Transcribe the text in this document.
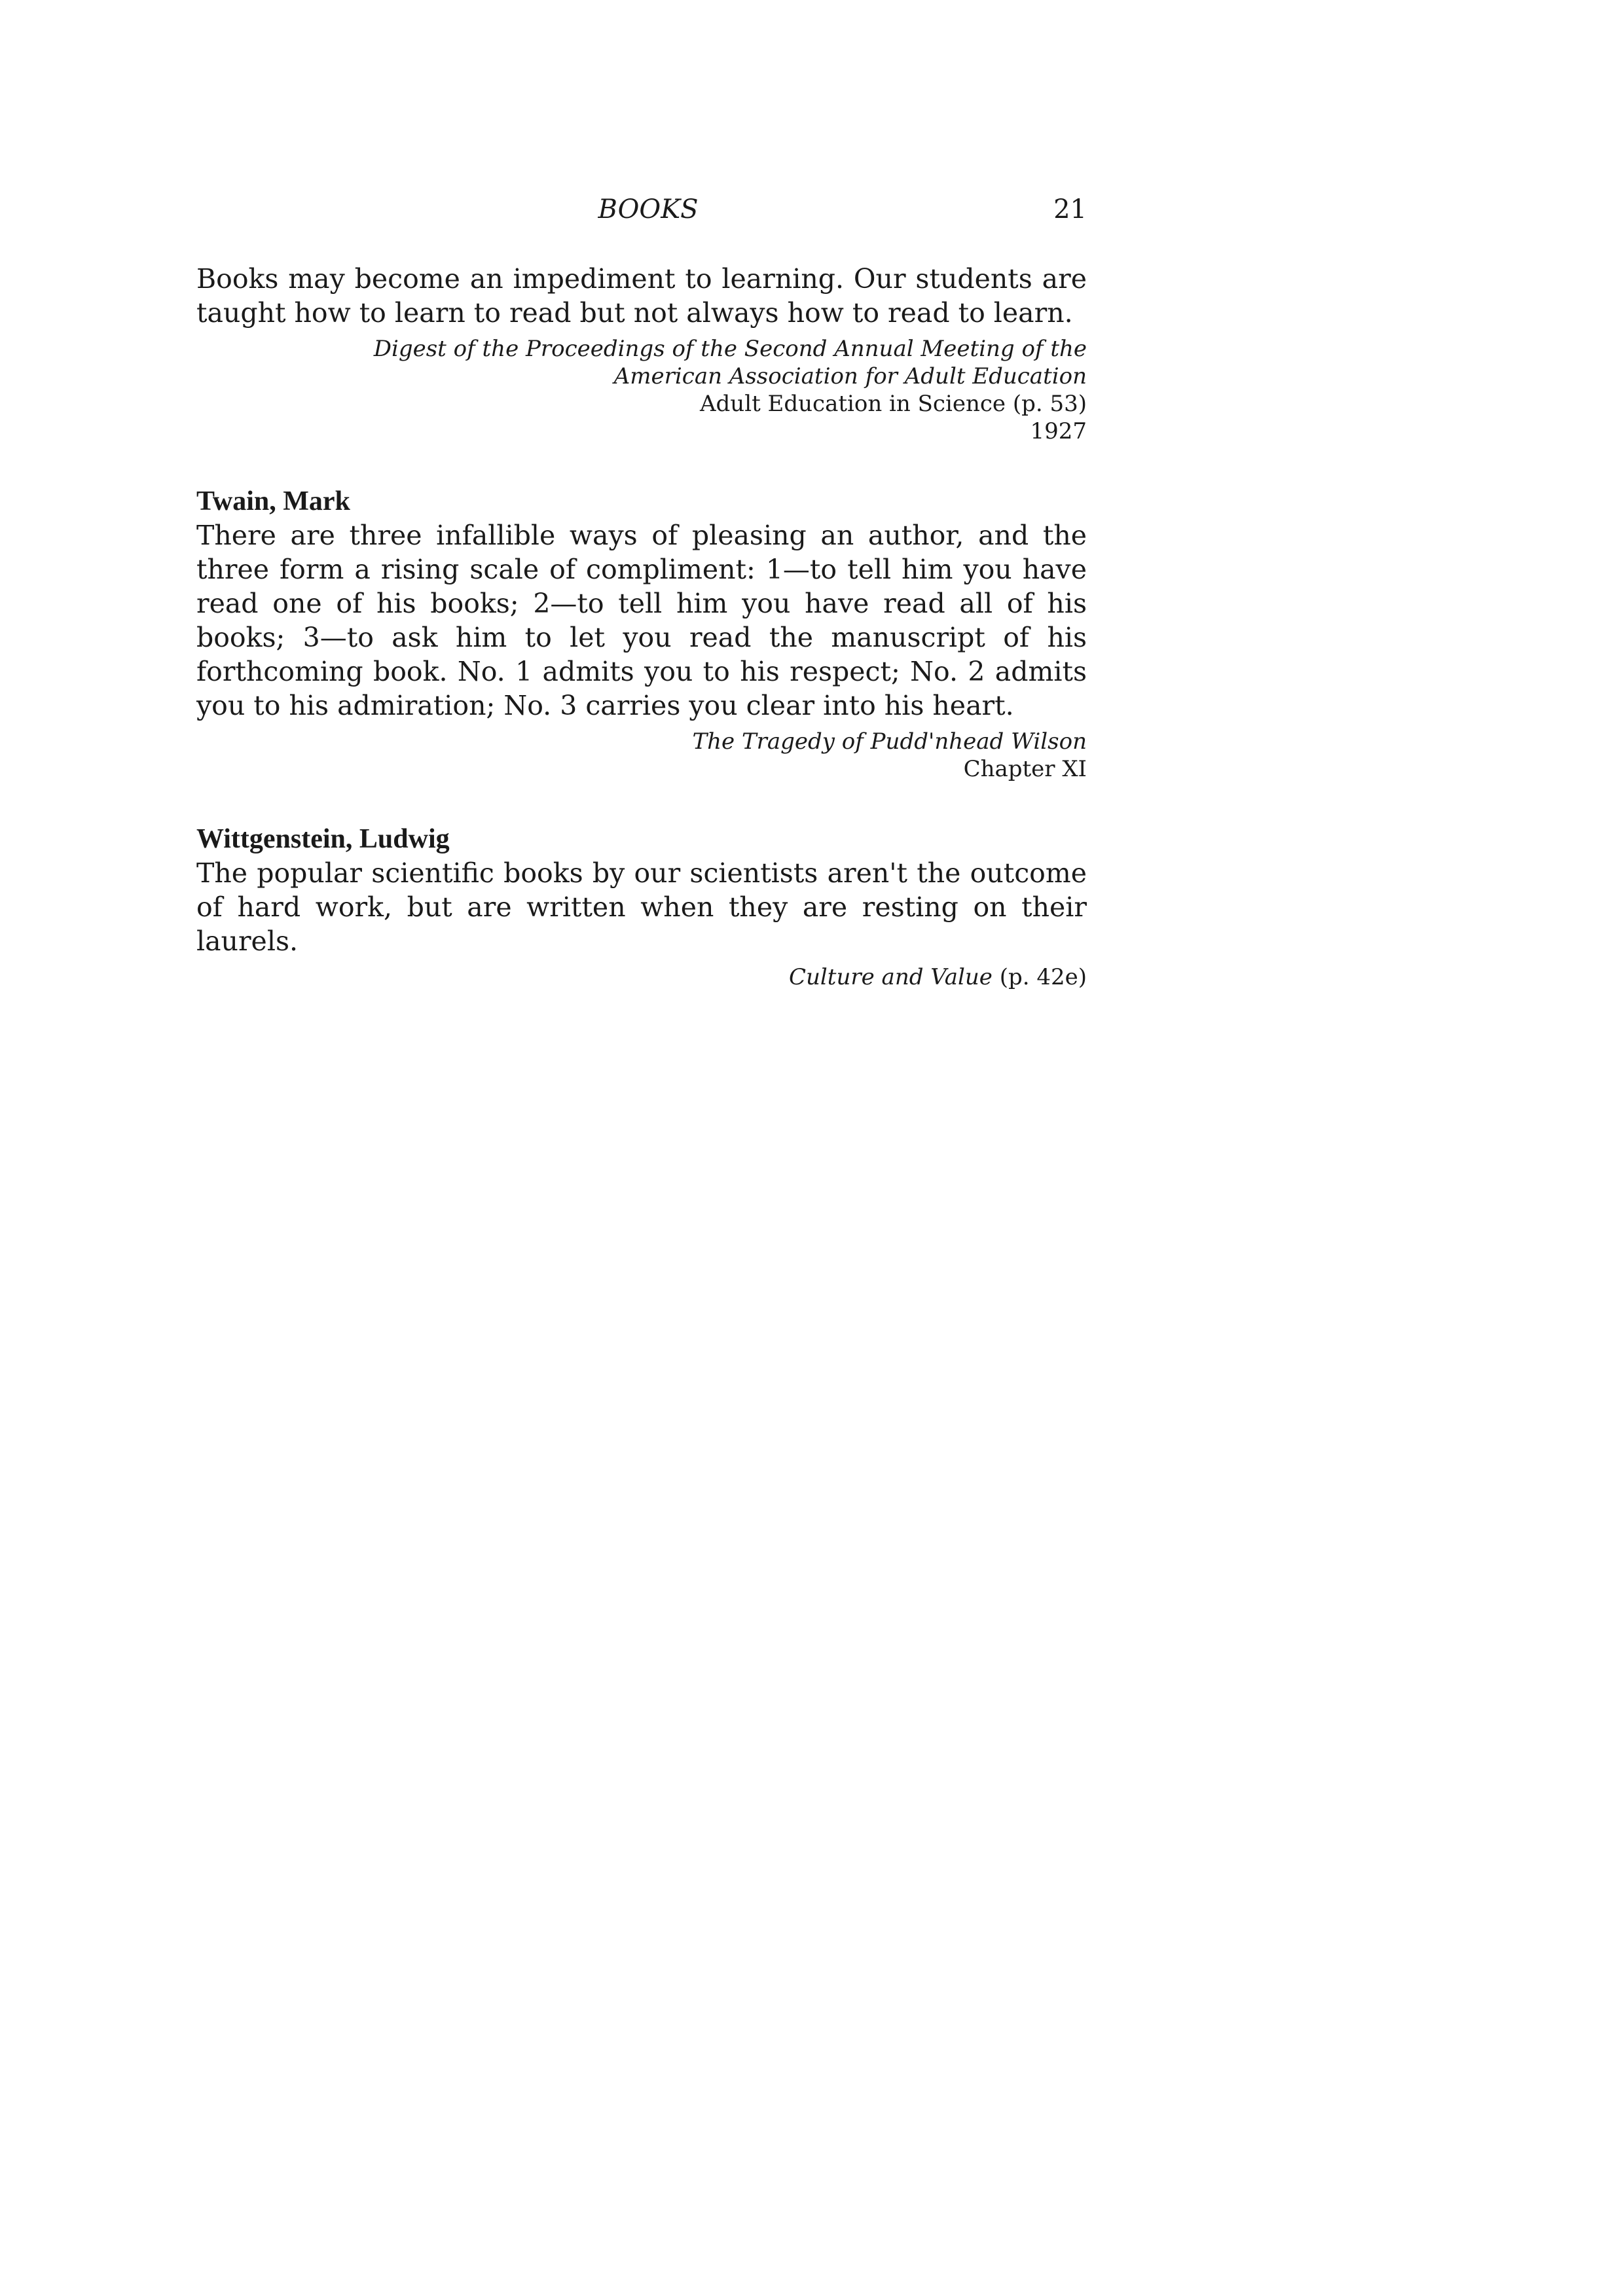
BOOKS	21

Books may become an impediment to learning. Our students are taught how to learn to read but not always how to read to learn.

Digest of the Proceedings of the Second Annual Meeting of the
American Association for Adult Education
Adult Education in Science (p. 53)
1927
Twain, Mark

There are three infallible ways of pleasing an author, and the three form a rising scale of compliment: 1—to tell him you have read one of his books; 2—to tell him you have read all of his books; 3—to ask him to let you read the manuscript of his forthcoming book. No. 1 admits you to his respect; No. 2 admits you to his admiration; No. 3 carries you clear into his heart.

The Tragedy of Pudd'nhead Wilson
Chapter XI
Wittgenstein, Ludwig

The popular scientific books by our scientists aren't the outcome of hard work, but are written when they are resting on their laurels.

Culture and Value (p. 42e)
